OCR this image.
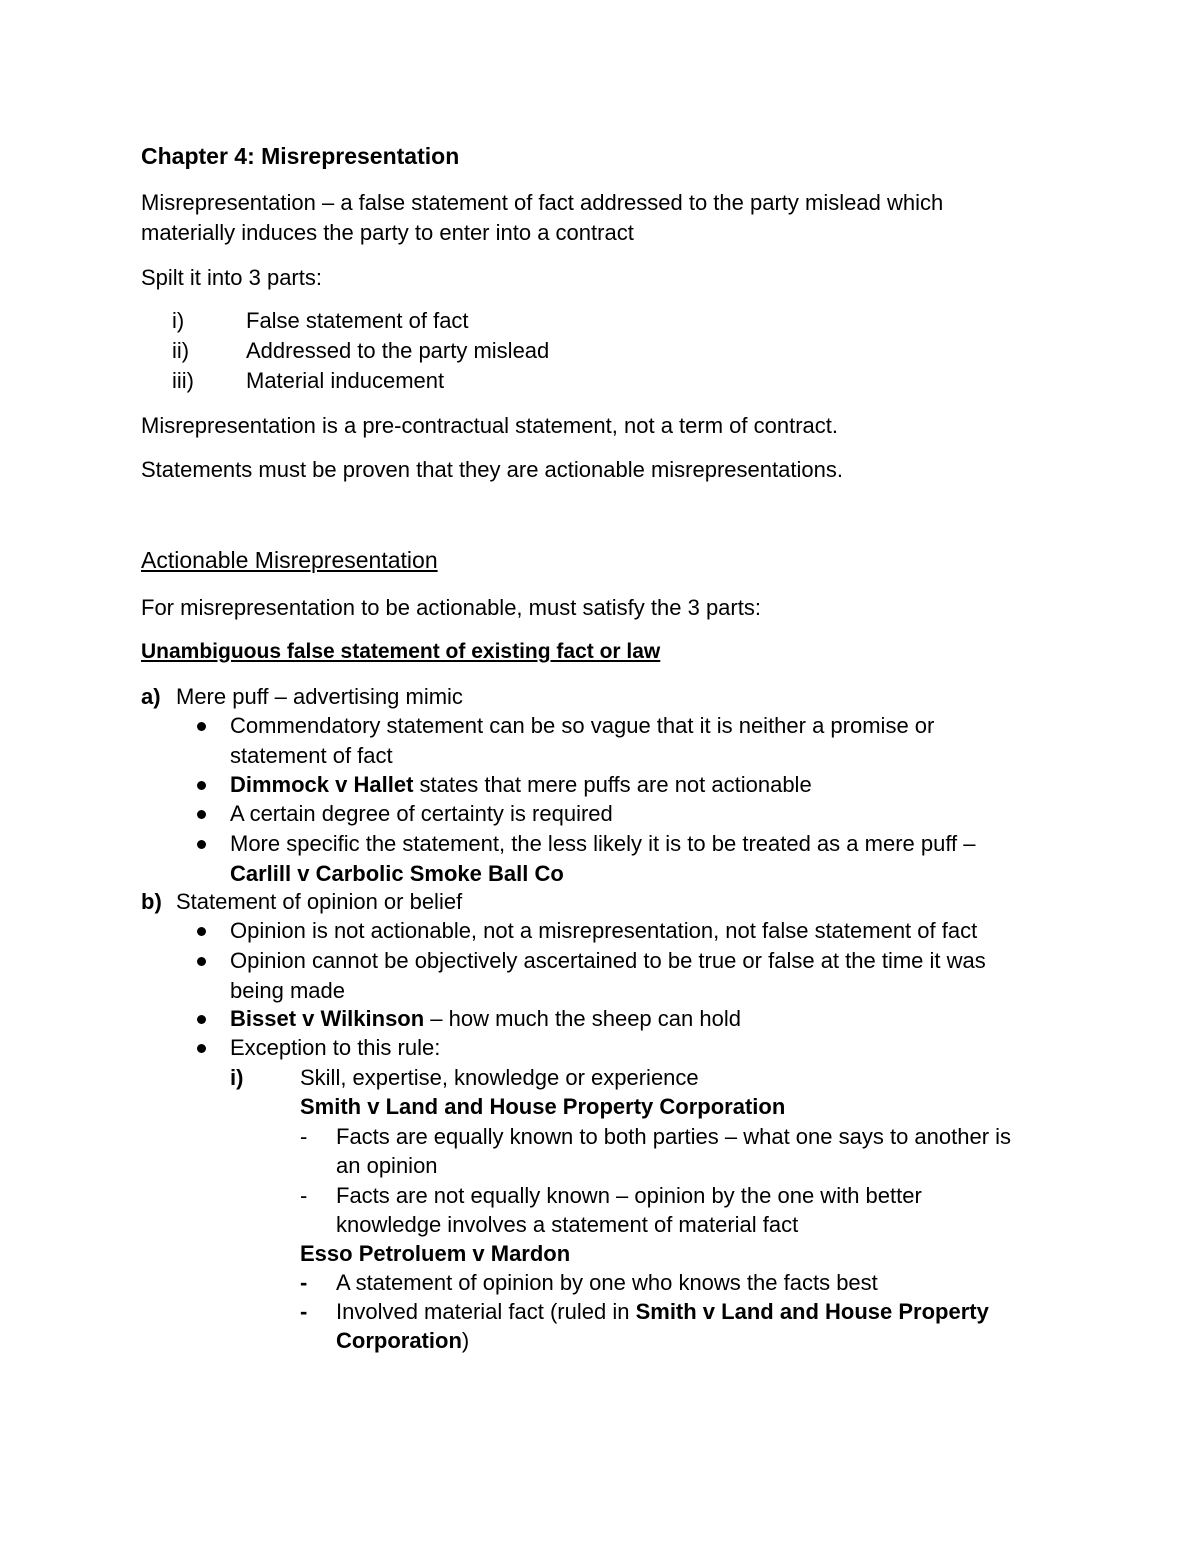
Chapter 4: Misrepresentation
Misrepresentation – a false statement of fact addressed to the party mislead which
materially induces the party to enter into a contract
Spilt it into 3 parts:
i)	False statement of fact
ii)	Addressed to the party mislead
iii) Material inducement
Misrepresentation is a pre-contractual statement, not a term of contract.
Statements must be proven that they are actionable misrepresentations.
Actionable Misrepresentation
For misrepresentation to be actionable, must satisfy the 3 parts:
Unambiguous false statement of existing fact or law
a) Mere puff – advertising mimic
Commendatory statement can be so vague that it is neither a promise or
statement of fact
Dimmock v Hallet states that mere puffs are not actionable
A certain degree of certainty is required
More specific the statement, the less likely it is to be treated as a mere puff –
Carlill v Carbolic Smoke Ball Co
b) Statement of opinion or belief
Opinion is not actionable, not a misrepresentation, not false statement of fact
Opinion cannot be objectively ascertained to be true or false at the time it was
being made
Bisset v Wilkinson – how much the sheep can hold
Exception to this rule:
i)	Skill, expertise, knowledge or experience
Smith v Land and House Property Corporation
- Facts are equally known to both parties – what one says to another is
an opinion
- Facts are not equally known – opinion by the one with better
knowledge involves a statement of material fact
Esso Petroluem v Mardon
- A statement of opinion by one who knows the facts best
- Involved material fact (ruled in Smith v Land and House Property
Corporation)
